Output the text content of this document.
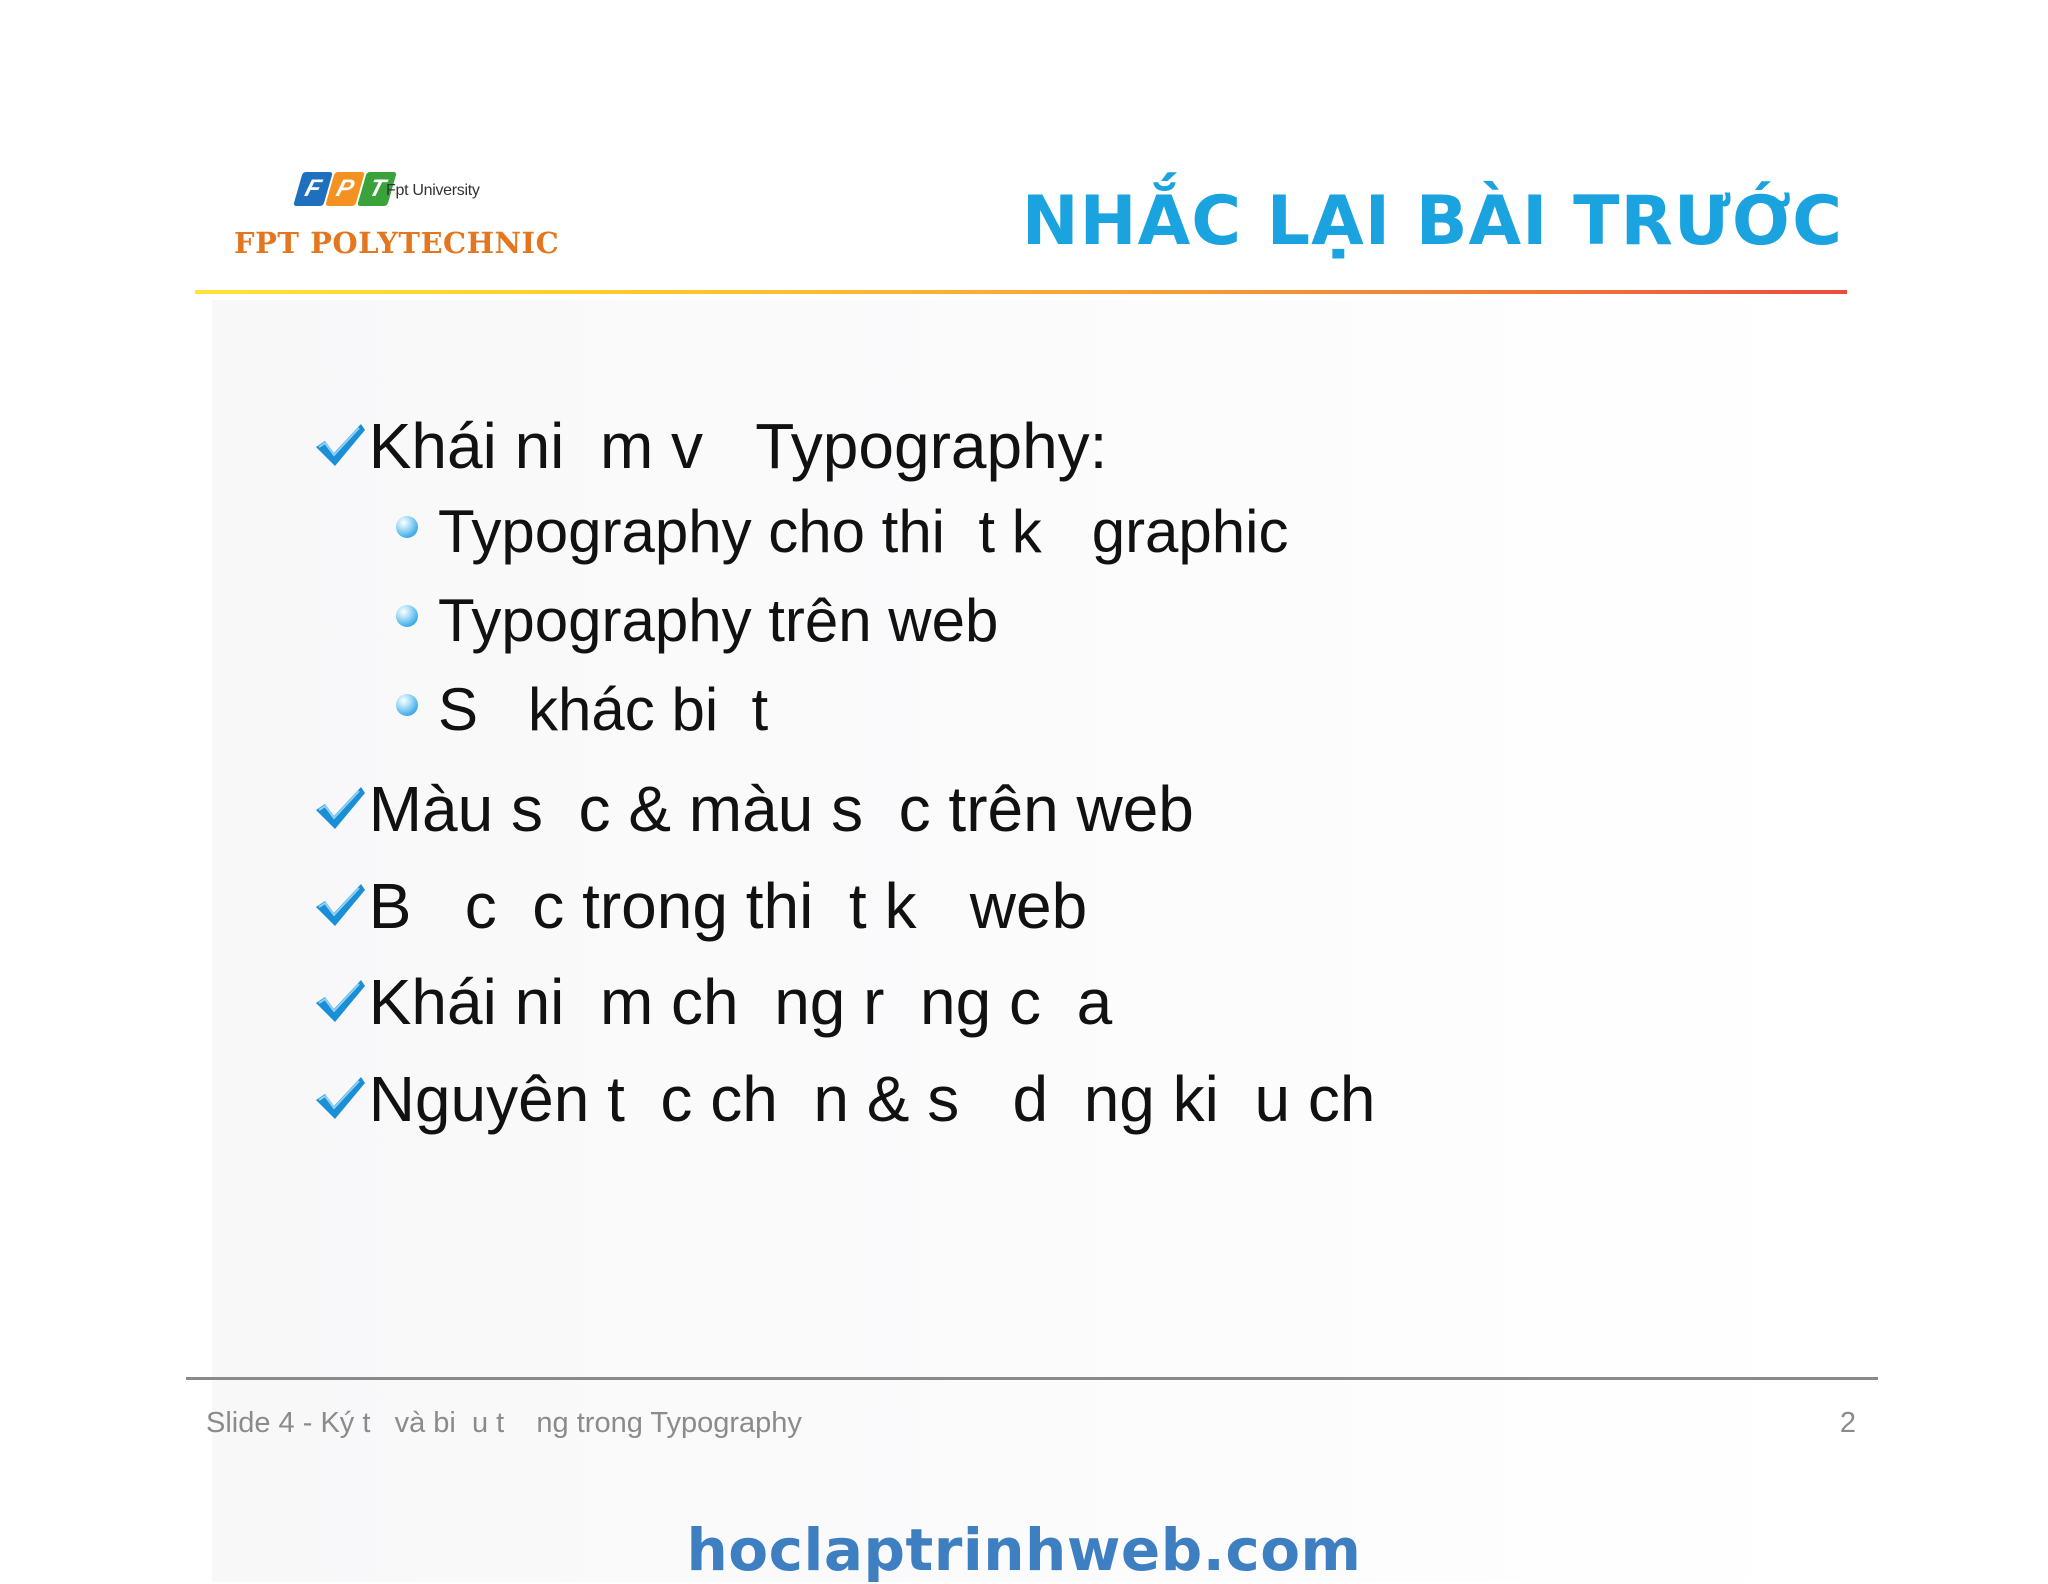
F P T
Fpt University
FPT POLYTECHNIC	NHẮC LẠI BÀI TRƯỚC

Khái ni  m v   Typography:

Typography cho thi  t k   graphic

Typography trên web

S   khác bi  t

Màu s  c & màu s  c trên web

B   c  c trong thi  t k   web

Khái ni  m ch  ng r  ng c  a

Nguyên t  c ch  n & s   d  ng ki  u ch

Slide 4 - Ký t   và bi  u t    ng trong Typography	2
hoclaptrinhweb.com
